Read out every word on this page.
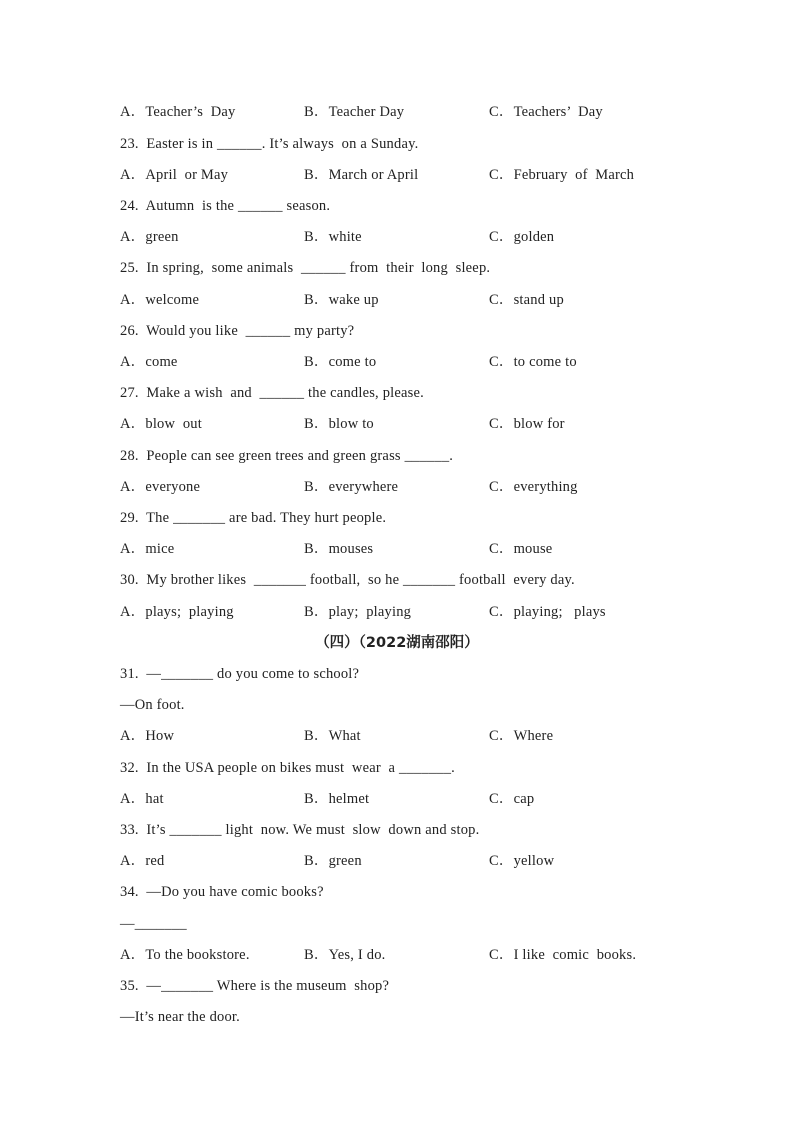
A．Teacher’s  Day	B．Teacher Day	C．Teachers’  Day
23.  Easter is in ______. It’s always  on a Sunday.
A．April  or May	B．March or April	C．February  of  March
24.  Autumn  is the ______ season.
A．green	B．white	C．golden
25.  In spring,  some animals  ______ from  their  long  sleep.
A．welcome	B．wake up	C．stand up
26.  Would you like  ______ my party?
A．come	B．come to	C．to come to
27.  Make a wish  and  ______ the candles, please.
A．blow  out	B．blow to	C．blow for
28.  People can see green trees and green grass ______.
A．everyone	B．everywhere	C．everything
29.  The _______ are bad. They hurt people.
A．mice	B．mouses	C．mouse
30.  My brother likes  _______ football,  so he _______ football  every day.
A．plays;  playing	B．play;  playing	C．playing;   plays
（四）（2022湖南邵阳）
31.  —_______ do you come to school?
—On foot.
A．How	B．What	C．Where
32.  In the USA people on bikes must  wear  a _______.
A．hat	B．helmet	C．cap
33.  It’s _______ light  now. We must  slow  down and stop.
A．red	B．green	C．yellow
34.  —Do you have comic books?
—_______
A．To the bookstore.	B．Yes, I do.	C．I like  comic  books.
35.  —_______ Where is the museum  shop?
—It’s near the door.
